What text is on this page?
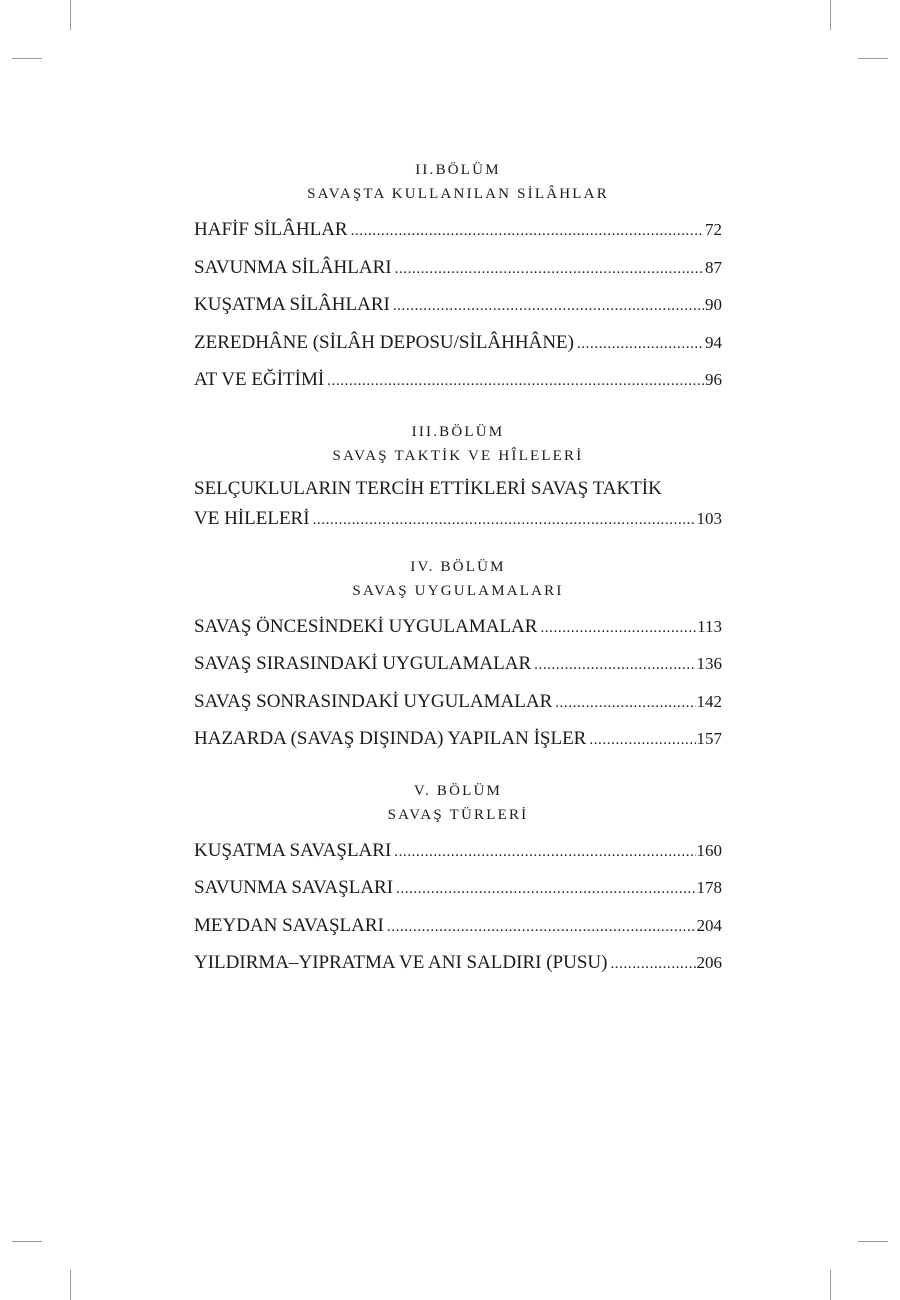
II.BÖLÜM

SAVAŞTA KULLANILAN SİLÂHLAR

HAFİF SİLÂHLAR .....	72
SAVUNMA SİLÂHLARI .....	87
KUŞATMA SİLÂHLARI .....	90
ZEREDHÂNE (SİLÂH DEPOSU/SİLÂHHÂNE) .....	94
AT VE EĞİTİMİ .....	96

III.BÖLÜM

SAVAŞ TAKTİK VE HÎLELERİ

SELÇUKLULARIN TERCİH ETTİKLERİ SAVAŞ TAKTİK
VE HİLELERİ .....	103

IV. BÖLÜM

SAVAŞ UYGULAMALARI

SAVAŞ ÖNCESİNDEKİ UYGULAMALAR .....	113
SAVAŞ SIRASINDAKİ UYGULAMALAR .....	136
SAVAŞ SONRASINDAKİ UYGULAMALAR .....	142
HAZARDA (SAVAŞ DIŞINDA) YAPILAN İŞLER .....	157

V. BÖLÜM

SAVAŞ TÜRLERİ

KUŞATMA SAVAŞLARI .....	160
SAVUNMA SAVAŞLARI .....	178
MEYDAN SAVAŞLARI .....	204
YILDIRMA–YIPRATMA VE ANI SALDIRI (PUSU) .....	206
